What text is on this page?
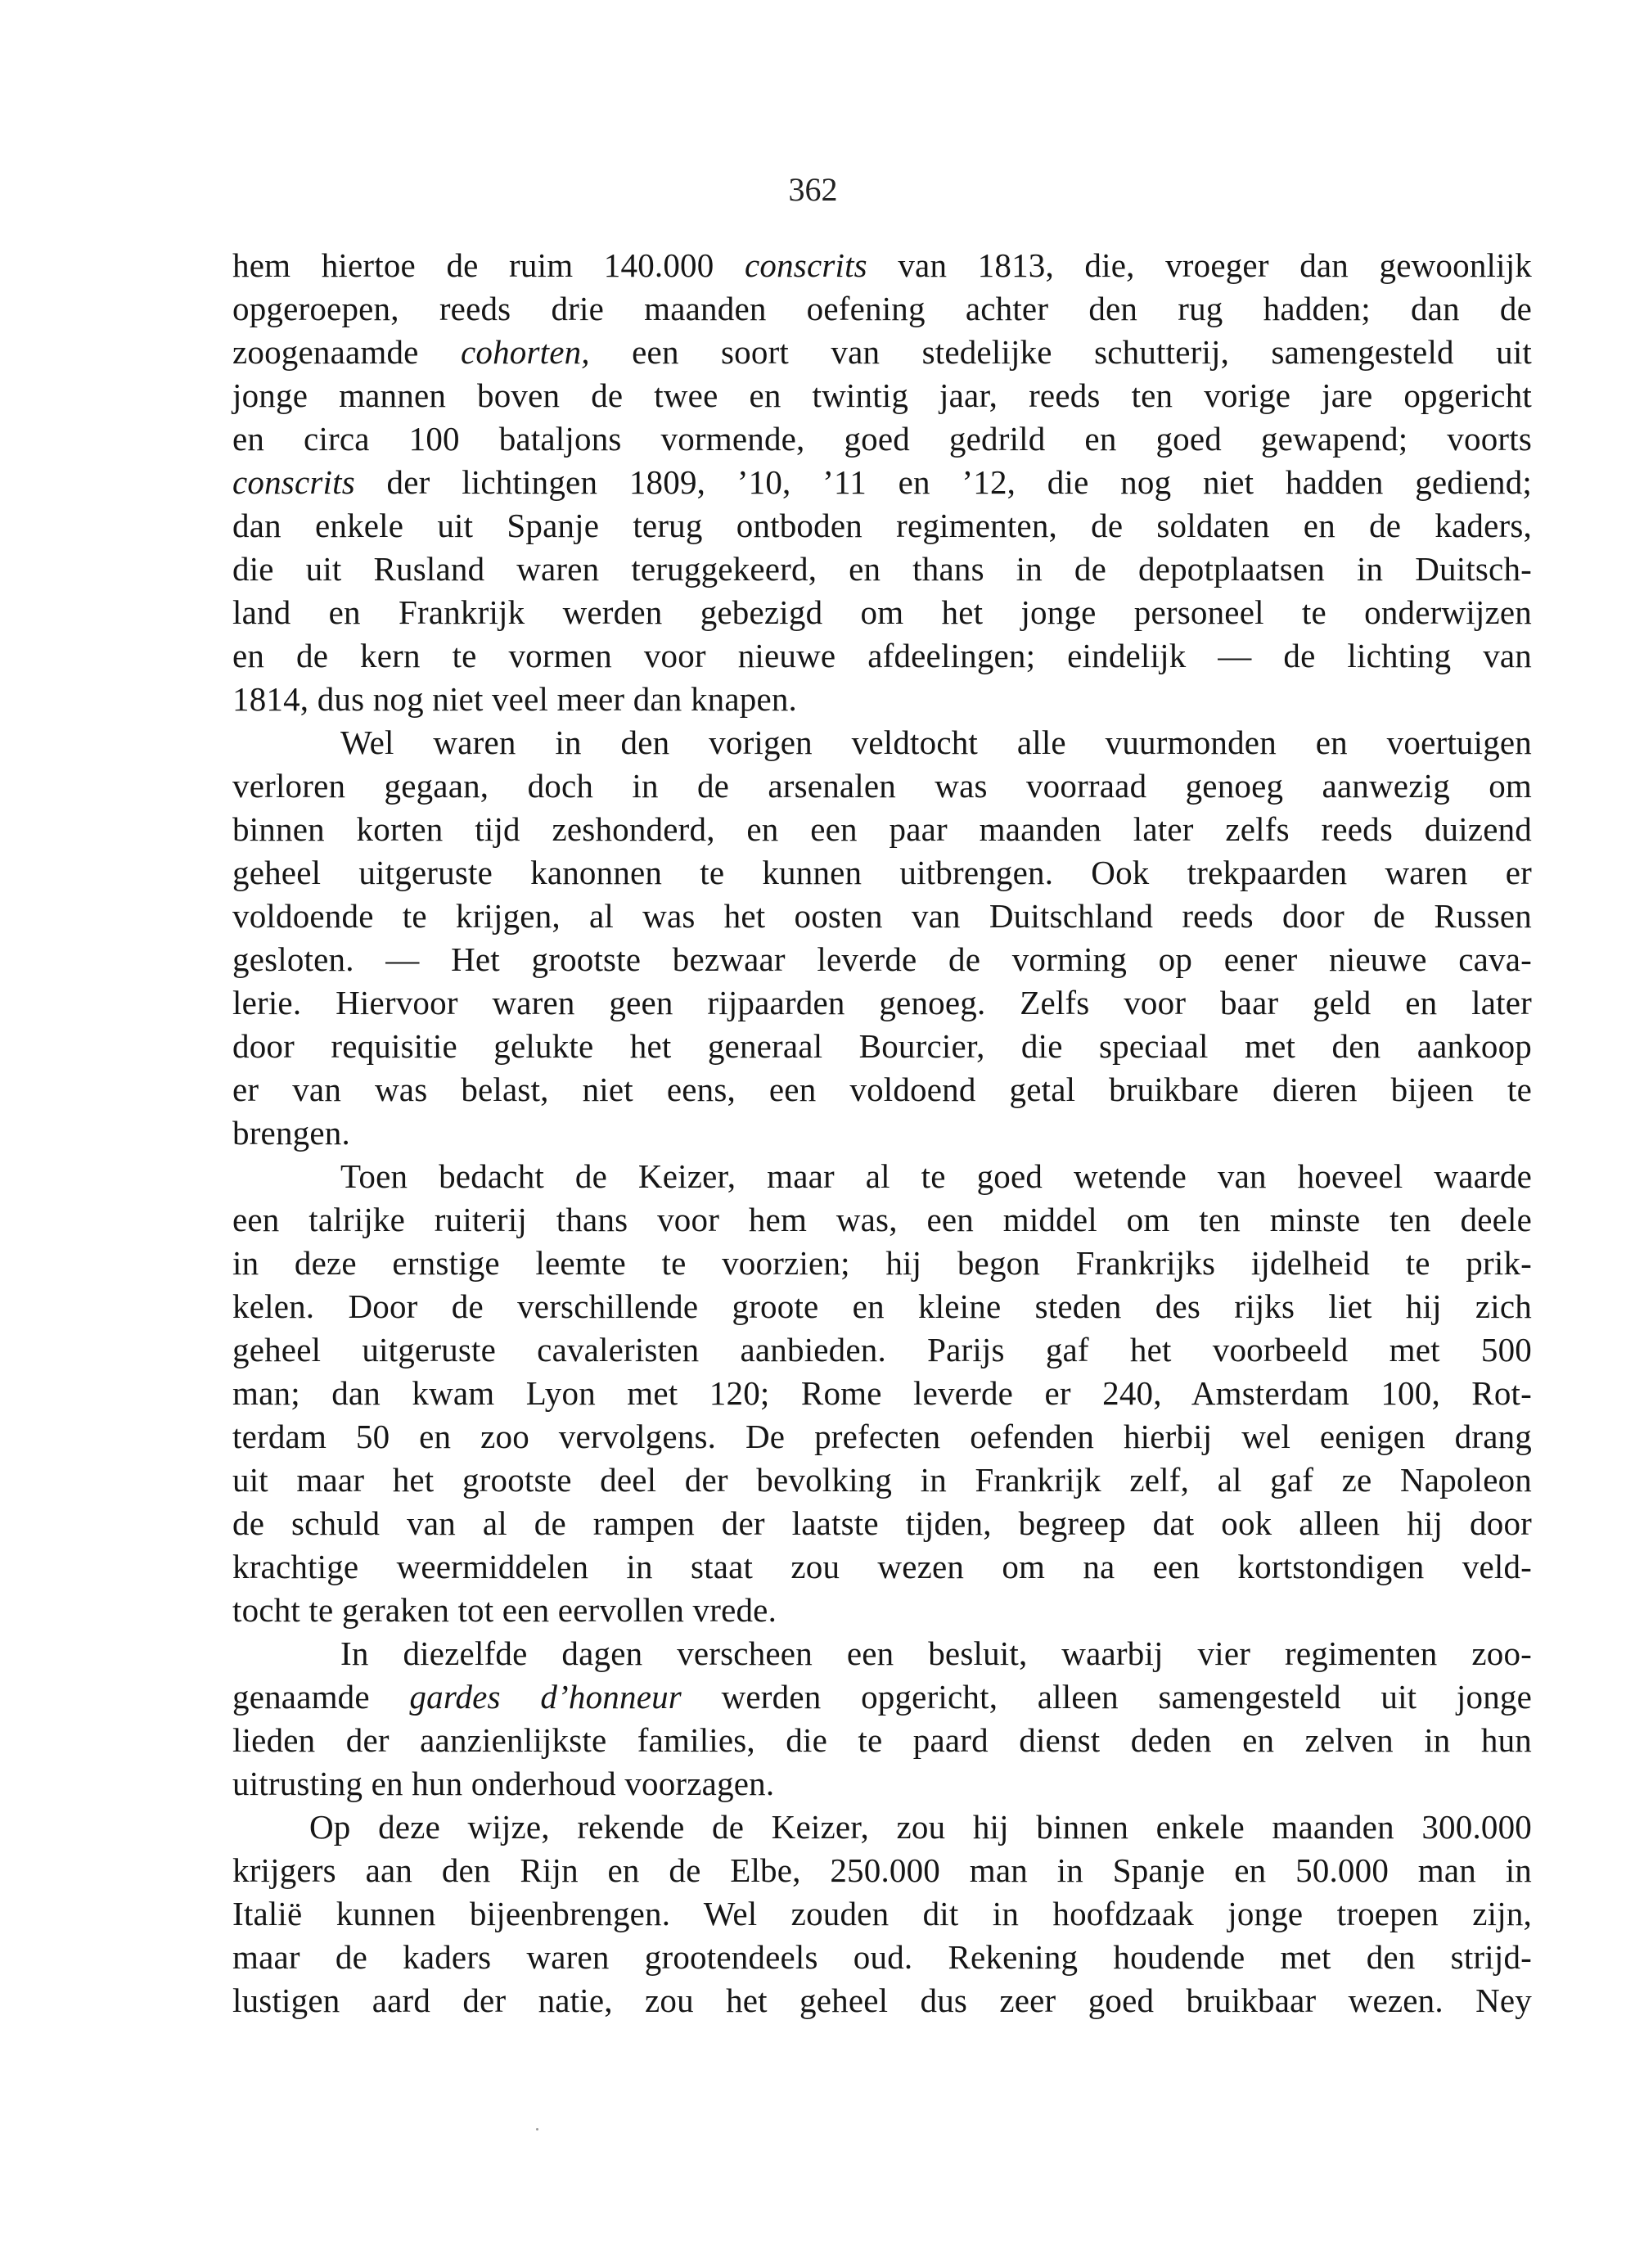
362
hem hiertoe de ruim 140.000 conscrits van 1813, die, vroeger dan gewoonlijk
opgeroepen, reeds drie maanden oefening achter den rug hadden; dan de
zoogenaamde cohorten, een soort van stedelijke schutterij, samengesteld uit
jonge mannen boven de twee en twintig jaar, reeds ten vorige jare opgericht
en circa 100 bataljons vormende, goed gedrild en goed gewapend; voorts
conscrits der lichtingen 1809, ’10, ’11 en ’12, die nog niet hadden gediend;
dan enkele uit Spanje terug ontboden regimenten, de soldaten en de kaders,
die uit Rusland waren teruggekeerd, en thans in de depotplaatsen in Duitsch-
land en Frankrijk werden gebezigd om het jonge personeel te onderwijzen
en de kern te vormen voor nieuwe afdeelingen; eindelijk — de lichting van
1814, dus nog niet veel meer dan knapen.
Wel waren in den vorigen veldtocht alle vuurmonden en voertuigen
verloren gegaan, doch in de arsenalen was voorraad genoeg aanwezig om
binnen korten tijd zeshonderd, en een paar maanden later zelfs reeds duizend
geheel uitgeruste kanonnen te kunnen uitbrengen. Ook trekpaarden waren er
voldoende te krijgen, al was het oosten van Duitschland reeds door de Russen
gesloten. — Het grootste bezwaar leverde de vorming op eener nieuwe cava-
lerie. Hiervoor waren geen rijpaarden genoeg. Zelfs voor baar geld en later
door requisitie gelukte het generaal Bourcier, die speciaal met den aankoop
er van was belast, niet eens, een voldoend getal bruikbare dieren bijeen te
brengen.
Toen bedacht de Keizer, maar al te goed wetende van hoeveel waarde
een talrijke ruiterij thans voor hem was, een middel om ten minste ten deele
in deze ernstige leemte te voorzien; hij begon Frankrijks ijdelheid te prik-
kelen. Door de verschillende groote en kleine steden des rijks liet hij zich
geheel uitgeruste cavaleristen aanbieden. Parijs gaf het voorbeeld met 500
man; dan kwam Lyon met 120; Rome leverde er 240, Amsterdam 100, Rot-
terdam 50 en zoo vervolgens. De prefecten oefenden hierbij wel eenigen drang
uit maar het grootste deel der bevolking in Frankrijk zelf, al gaf ze Napoleon
de schuld van al de rampen der laatste tijden, begreep dat ook alleen hij door
krachtige weermiddelen in staat zou wezen om na een kortstondigen veld-
tocht te geraken tot een eervollen vrede.
In diezelfde dagen verscheen een besluit, waarbij vier regimenten zoo-
genaamde gardes d’honneur werden opgericht, alleen samengesteld uit jonge
lieden der aanzienlijkste families, die te paard dienst deden en zelven in hun
uitrusting en hun onderhoud voorzagen.
Op deze wijze, rekende de Keizer, zou hij binnen enkele maanden 300.000
krijgers aan den Rijn en de Elbe, 250.000 man in Spanje en 50.000 man in
Italië kunnen bijeenbrengen. Wel zouden dit in hoofdzaak jonge troepen zijn,
maar de kaders waren grootendeels oud. Rekening houdende met den strijd-
lustigen aard der natie, zou het geheel dus zeer goed bruikbaar wezen. Ney
